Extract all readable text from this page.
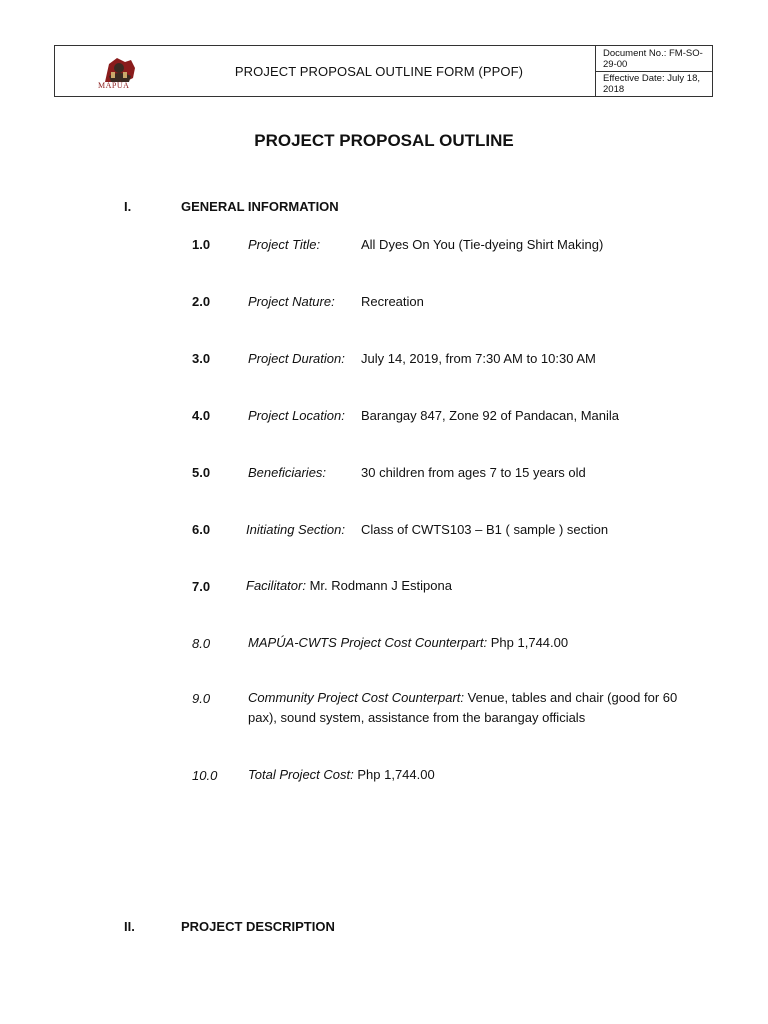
MAPÚA
PROJECT PROPOSAL OUTLINE FORM (PPOF)
Document No.: FM-SO-29-00
Effective Date: July 18, 2018
PROJECT PROPOSAL OUTLINE
I.	GENERAL INFORMATION
1.0	Project Title:	All Dyes On You (Tie-dyeing Shirt Making)
2.0	Project Nature: Recreation
3.0	Project Duration: July 14, 2019, from 7:30 AM to 10:30 AM
4.0	Project Location: Barangay 847, Zone 92 of Pandacan, Manila
5.0	Beneficiaries:	30 children from ages 7 to 15 years old
6.0	Initiating Section: Class of CWTS103 – B1 ( sample ) section
7.0	Facilitator: Mr. Rodmann J Estipona
8.0	MAPÚA-CWTS Project Cost Counterpart: Php 1,744.00
9.0	Community Project Cost Counterpart: Venue, tables and chair (good for 60 pax), sound system, assistance from the barangay officials
10.0 Total Project Cost: Php 1,744.00
II.	PROJECT DESCRIPTION
